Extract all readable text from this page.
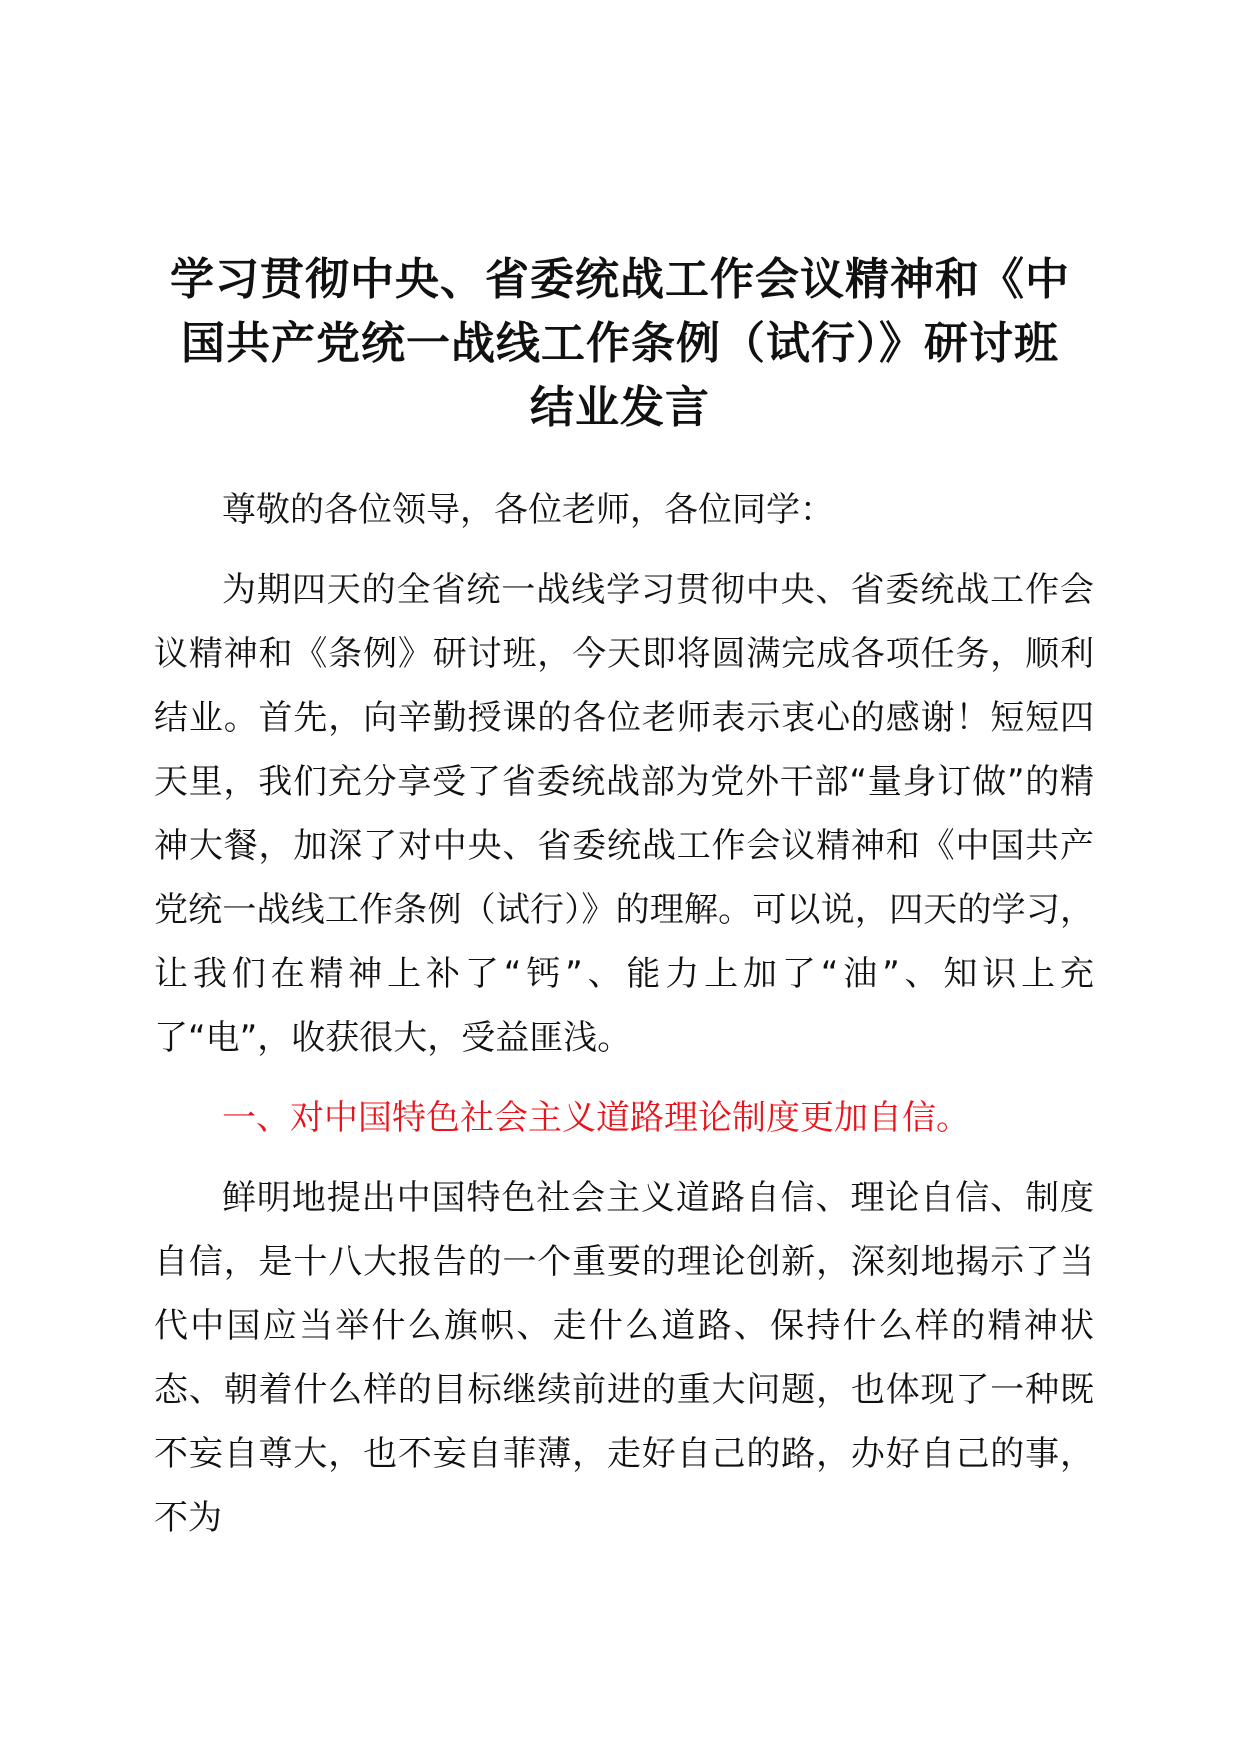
学习贯彻中央、省委统战工作会议精神和《中
国共产党统一战线工作条例（试行）》研讨班
结业发言

尊敬的各位领导，各位老师，各位同学：

为期四天的全省统一战线学习贯彻中央、省委统战工作会议精神和《条例》研讨班，今天即将圆满完成各项任务，顺利结业。首先，向辛勤授课的各位老师表示衷心的感谢！短短四天里，我们充分享受了省委统战部为党外干部“量身订做”的精神大餐，加深了对中央、省委统战工作会议精神和《中国共产党统一战线工作条例（试行）》的理解。可以说，四天的学习，让我们在精神上补了“钙”、能力上加了“油”、知识上充了“电”，收获很大，受益匪浅。

一、对中国特色社会主义道路理论制度更加自信。

鲜明地提出中国特色社会主义道路自信、理论自信、制度自信，是十八大报告的一个重要的理论创新，深刻地揭示了当代中国应当举什么旗帜、走什么道路、保持什么样的精神状态、朝着什么样的目标继续前进的重大问题，也体现了一种既不妄自尊大，也不妄自菲薄，走好自己的路，办好自己的事，不为
